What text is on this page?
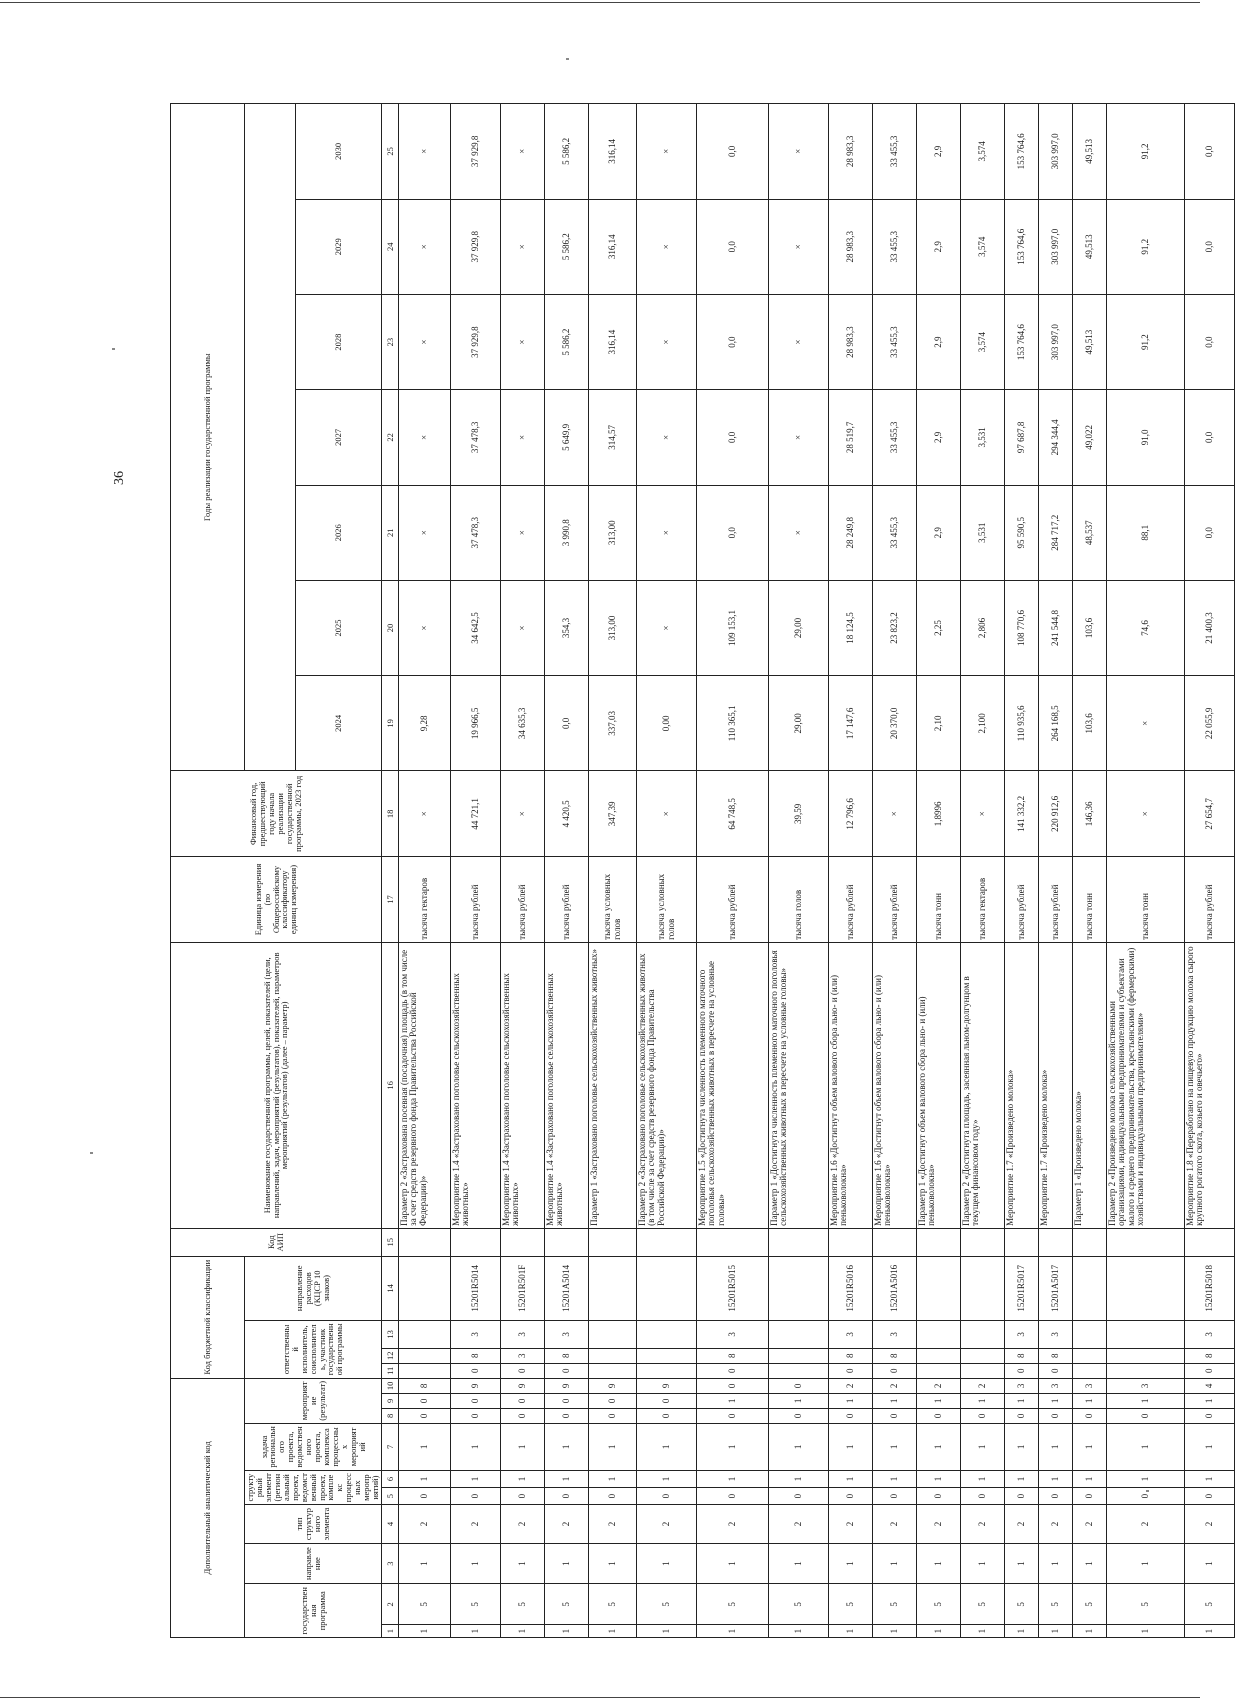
36
Дополнительный аналитический код										Код бюджетной классификации				Код АИП	Наименование государственной программы, целей, показателей (цели, направлений, задач, мероприятий (результатов), показателей, параметров мероприятий (результатов) (далее – параметр)	Единица измерения (по Общероссийскому классификатору единиц измерения)	Финансовый год, предшествующий году начала реализации государственной программы, 2023 год	Годы реализации государственной программы						
государственная программа		направление	тип структурного элемента	структурный элемент (региональный проект, ведомственный проект, комплекс процессных мероприятий)		задача регионального проекта, ведомственного проекта, комплекса процессных мероприятий	мероприятие (результат)			ответственный исполнитель, соисполнитель, участник государственной программы			направление расходов (КЦСР 10 знаков)											
																		2024	2025	2026	2027	2028	2029	2030
1	2	3	4	5	6	7	8	9	10	11	12	13	14	15	16	17	18	19	20	21	22	23	24	25
1	5	1	2	0	1	1	0	0	8						Параметр 2 «Застрахована посевная (посадочная) площадь (в том числе за счет средств резервного фонда Правительства Российской Федерации)»	тысяча гектаров	×	9,28	×	×	×	×	×	×
1	5	1	2	0	1	1	0	0	9	0	8	3	15201R5014		Мероприятие 1.4 «Застраховано поголовье сельскохозяйственных животных»	тысяча рублей	44 721,1	19 966,5	34 642,5	37 478,3	37 478,3	37 929,8	37 929,8	37 929,8
1	5	1	2	0	1	1	0	0	9	0	3	3	15201R501F		Мероприятие 1.4 «Застраховано поголовье сельскохозяйственных животных»	тысяча рублей	×	34 635,3	×	×	×	×	×	×
1	5	1	2	0	1	1	0	0	9	0	8	3	15201A5014		Мероприятие 1.4 «Застраховано поголовье сельскохозяйственных животных»	тысяча рублей	4 420,5	0,0	354,3	3 990,8	5 649,9	5 586,2	5 586,2	5 586,2
1	5	1	2	0	1	1	0	0	9						Параметр 1 «Застраховано поголовье сельскохозяйственных животных»	тысяча условных голов	347,39	337,03	313,00	313,00	314,57	316,14	316,14	316,14
1	5	1	2	0	1	1	0	0	9						Параметр 2 «Застраховано поголовье сельскохозяйственных животных (в том числе за счет средств резервного фонда Правительства Российской Федерации)»	тысяча условных голов	×	0,00	×	×	×	×	×	×
1	5	1	2	0	1	1	0	1	0	0	8	3	15201R5015		Мероприятие 1.5 «Достигнута численность племенного маточного поголовья сельскохозяйственных животных в пересчете на условные головы»	тысяча рублей	64 748,5	110 365,1	109 153,1	0,0	0,0	0,0	0,0	0,0
1	5	1	2	0	1	1	0	1	0						Параметр 1 «Достигнута численность племенного маточного поголовья сельскохозяйственных животных в пересчете на условные головы»	тысяча голов	39,59	29,00	29,00	×	×	×	×	×
1	5	1	2	0	1	1	0	1	2	0	8	3	15201R5016		Мероприятие 1.6 «Достигнут объем валового сбора льно- и (или) пеньковолокна»	тысяча рублей	12 796,6	17 147,6	18 124,5	28 249,8	28 519,7	28 983,3	28 983,3	28 983,3
1	5	1	2	0	1	1	0	1	2	0	8	3	15201A5016		Мероприятие 1.6 «Достигнут объем валового сбора льно- и (или) пеньковолокна»	тысяча рублей	×	20 370,0	23 823,2	33 455,3	33 455,3	33 455,3	33 455,3	33 455,3
1	5	1	2	0	1	1	0	1	2						Параметр 1 «Достигнут объем валового сбора льно- и (или) пеньковолокна»	тысяча тонн	1,8996	2,10	2,25	2,9	2,9	2,9	2,9	2,9
1	5	1	2	0	1	1	0	1	2						Параметр 2 «Достигнута площадь, засеянная льном-долгунцом в текущем финансовом году»	тысяча гектаров	×	2,100	2,806	3,531	3,531	3,574	3,574	3,574
1	5	1	2	0	1	1	0	1	3	0	8	3	15201R5017		Мероприятие 1.7 «Произведено молока»	тысяча рублей	141 332,2	110 935,6	108 770,6	95 590,5	97 687,8	153 764,6	153 764,6	153 764,6
1	5	1	2	0	1	1	0	1	3	0	8	3	15201A5017		Мероприятие 1.7 «Произведено молока»	тысяча рублей	220 912,6	264 168,5	241 544,8	284 717,2	294 344,4	303 997,0	303 997,0	303 997,0
1	5	1	2	0	1	1	0	1	3						Параметр 1 «Произведено молока»	тысяча тонн	146,36	103,6	103,6	48,537	49,022	49,513	49,513	49,513
1	5	1	2	0	1	1	0	1	3						Параметр 2 «Произведено молока сельскохозяйственными организациями, индивидуальными предпринимателями и субъектами малого и среднего предпринимательства, крестьянскими (фермерскими) хозяйствами и индивидуальными предпринимателями»	тысяча тонн	×	×	74,6	88,1	91,0	91,2	91,2	91,2
1	5	1	2	0	1	1	0	1	4	0	8	3	15201R5018		Мероприятие 1.8 «Переработано на пищевую продукцию молока сырого крупного рогатого скота, козьего и овечьего»	тысяча рублей	27 654,7	22 055,9	21 400,3	0,0	0,0	0,0	0,0	0,0
